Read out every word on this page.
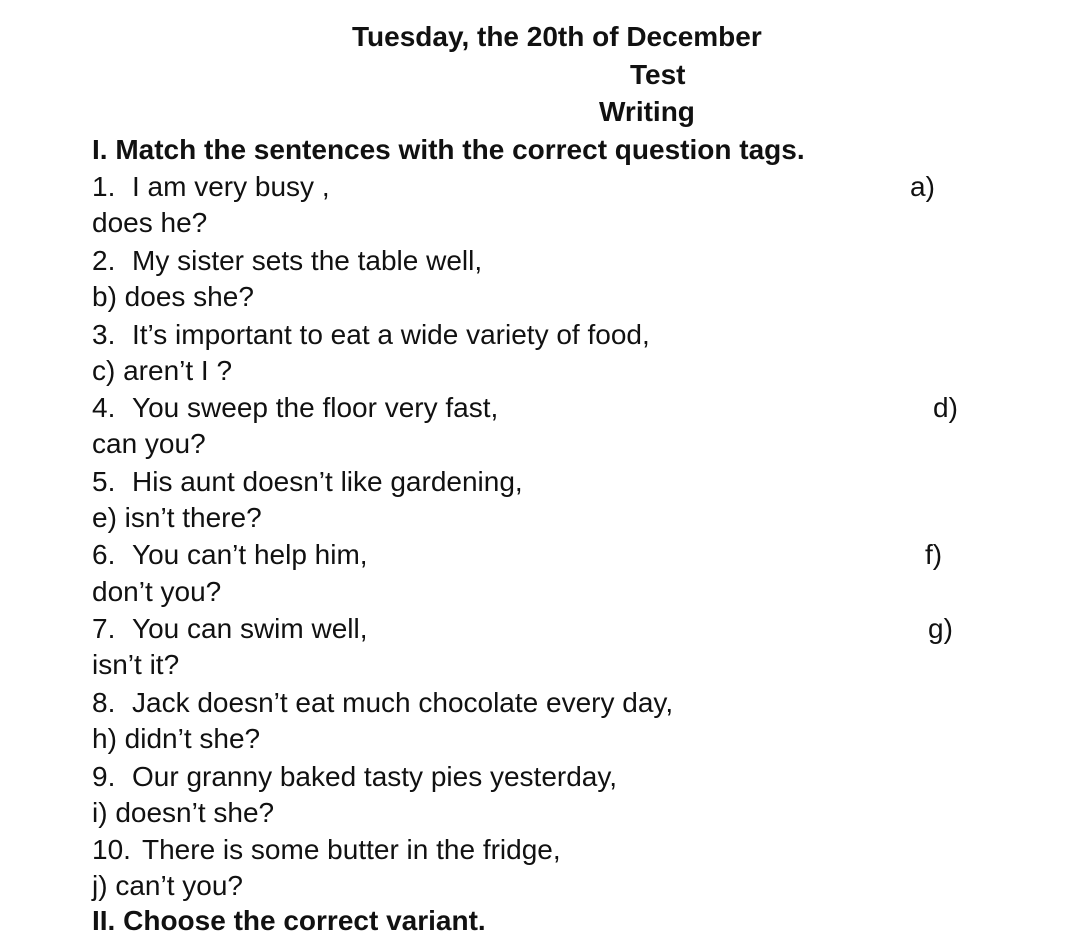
Tuesday, the 20th of December
Test
Writing
I. Match the sentences with the correct question tags.
1. I am very busy ,	a)
does he?
2. My sister sets the table well,
b) does she?
3. It’s important to eat a wide variety of food,
c) aren’t I ?
4. You sweep the floor very fast,	d)
can you?
5. His aunt doesn’t like gardening,
e) isn’t there?
6. You can’t help him,	f)
don’t you?
7. You can swim well,	g)
isn’t it?
8. Jack doesn’t eat much chocolate every day,
h) didn’t she?
9. Our granny baked tasty pies yesterday,
i) doesn’t she?
10. There is some butter in the fridge,
j) can’t you?
II. Choose the correct variant.
